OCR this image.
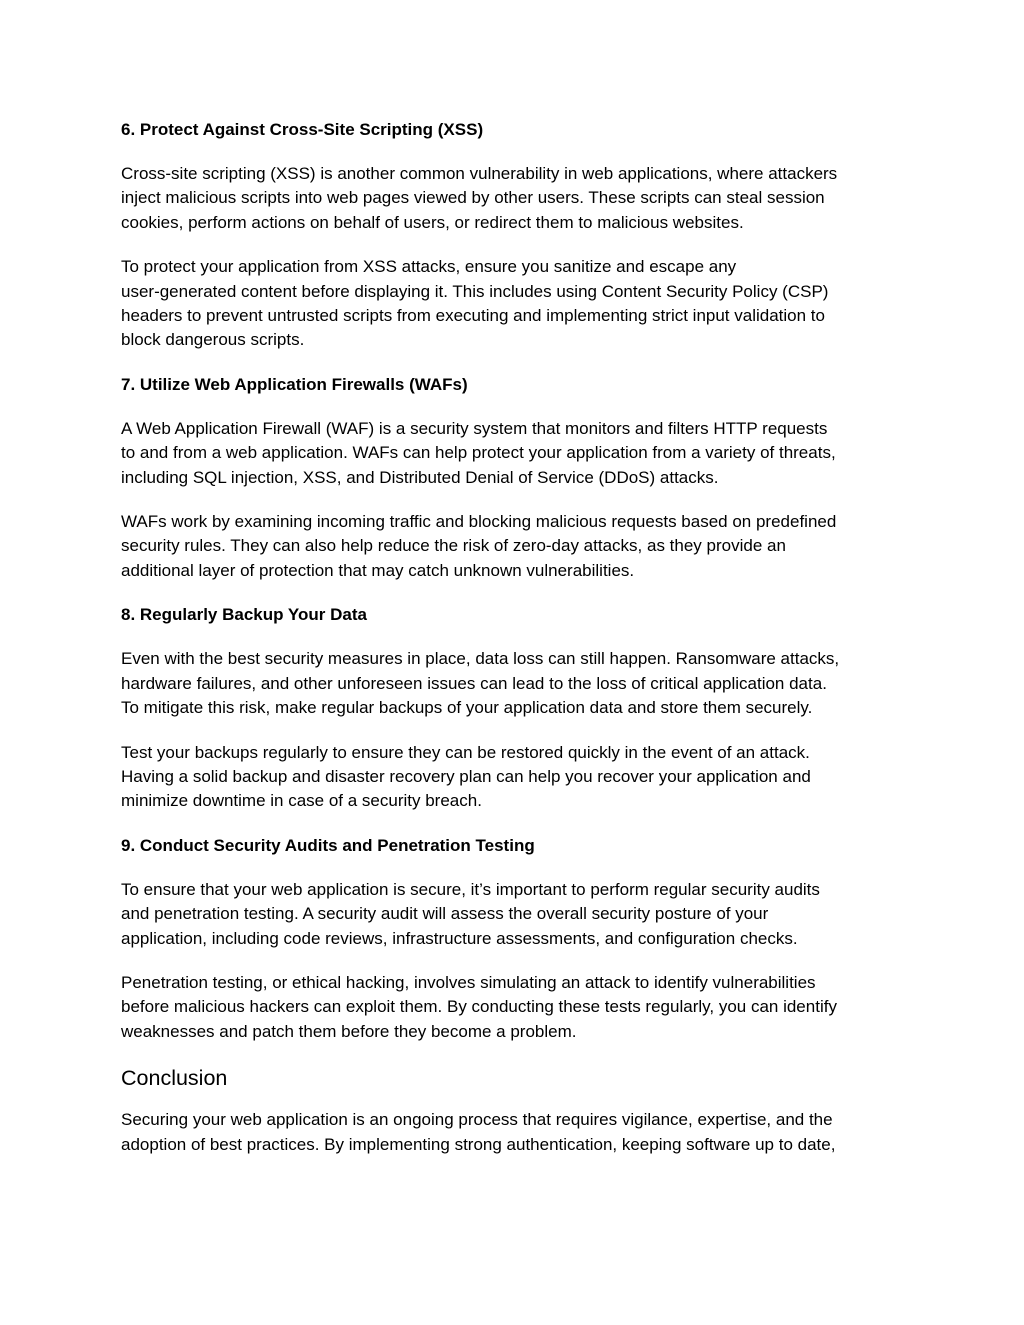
6. Protect Against Cross-Site Scripting (XSS)
Cross-site scripting (XSS) is another common vulnerability in web applications, where attackers
inject malicious scripts into web pages viewed by other users. These scripts can steal session
cookies, perform actions on behalf of users, or redirect them to malicious websites.
To protect your application from XSS attacks, ensure you sanitize and escape any
user-generated content before displaying it. This includes using Content Security Policy (CSP)
headers to prevent untrusted scripts from executing and implementing strict input validation to
block dangerous scripts.
7. Utilize Web Application Firewalls (WAFs)
A Web Application Firewall (WAF) is a security system that monitors and filters HTTP requests
to and from a web application. WAFs can help protect your application from a variety of threats,
including SQL injection, XSS, and Distributed Denial of Service (DDoS) attacks.
WAFs work by examining incoming traffic and blocking malicious requests based on predefined
security rules. They can also help reduce the risk of zero-day attacks, as they provide an
additional layer of protection that may catch unknown vulnerabilities.
8. Regularly Backup Your Data
Even with the best security measures in place, data loss can still happen. Ransomware attacks,
hardware failures, and other unforeseen issues can lead to the loss of critical application data.
To mitigate this risk, make regular backups of your application data and store them securely.
Test your backups regularly to ensure they can be restored quickly in the event of an attack.
Having a solid backup and disaster recovery plan can help you recover your application and
minimize downtime in case of a security breach.
9. Conduct Security Audits and Penetration Testing
To ensure that your web application is secure, it’s important to perform regular security audits
and penetration testing. A security audit will assess the overall security posture of your
application, including code reviews, infrastructure assessments, and configuration checks.
Penetration testing, or ethical hacking, involves simulating an attack to identify vulnerabilities
before malicious hackers can exploit them. By conducting these tests regularly, you can identify
weaknesses and patch them before they become a problem.
Conclusion
Securing your web application is an ongoing process that requires vigilance, expertise, and the
adoption of best practices. By implementing strong authentication, keeping software up to date,
